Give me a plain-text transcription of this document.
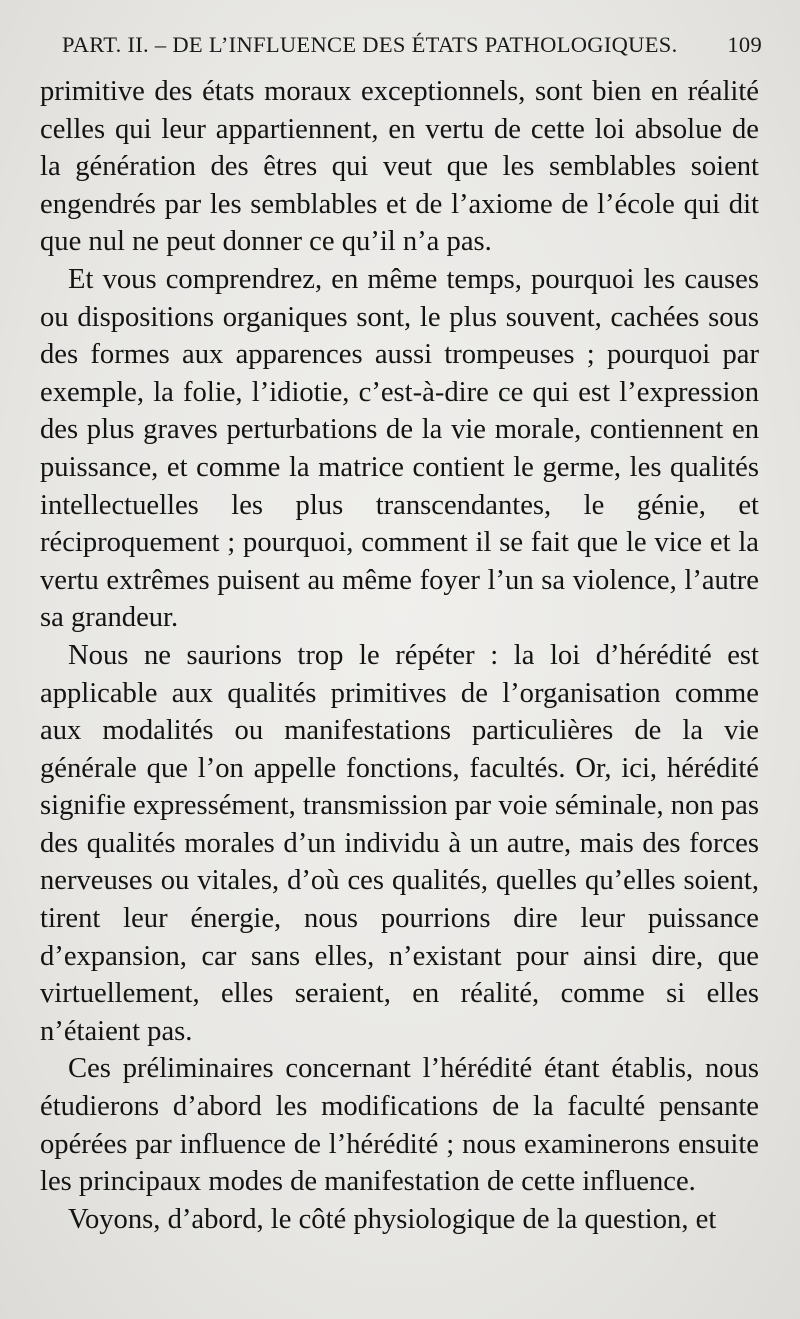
PART. II. – DE L’INFLUENCE DES ÉTATS PATHOLOGIQUES. 109

primitive des états moraux exceptionnels, sont bien en réalité celles qui leur appartiennent, en vertu de cette loi absolue de la génération des êtres qui veut que les semblables soient engendrés par les semblables et de l’axiome de l’école qui dit que nul ne peut donner ce qu’il n’a pas.

Et vous comprendrez, en même temps, pourquoi les causes ou dispositions organiques sont, le plus souvent, cachées sous des formes aux apparences aussi trompeuses ; pourquoi par exemple, la folie, l’idiotie, c’est-à-dire ce qui est l’expression des plus graves perturbations de la vie morale, contiennent en puissance, et comme la matrice contient le germe, les qualités intellectuelles les plus transcendantes, le génie, et réciproquement ; pourquoi, comment il se fait que le vice et la vertu extrêmes puisent au même foyer l’un sa violence, l’autre sa grandeur.

Nous ne saurions trop le répéter : la loi d’hérédité est applicable aux qualités primitives de l’organisation comme aux modalités ou manifestations particulières de la vie générale que l’on appelle fonctions, facultés. Or, ici, hérédité signifie expressément, transmission par voie séminale, non pas des qualités morales d’un individu à un autre, mais des forces nerveuses ou vitales, d’où ces qualités, quelles qu’elles soient, tirent leur énergie, nous pourrions dire leur puissance d’expansion, car sans elles, n’existant pour ainsi dire, que virtuellement, elles seraient, en réalité, comme si elles n’étaient pas.

Ces préliminaires concernant l’hérédité étant établis, nous étudierons d’abord les modifications de la faculté pensante opérées par influence de l’hérédité ; nous examinerons ensuite les principaux modes de manifestation de cette influence.

Voyons, d’abord, le côté physiologique de la question, et
